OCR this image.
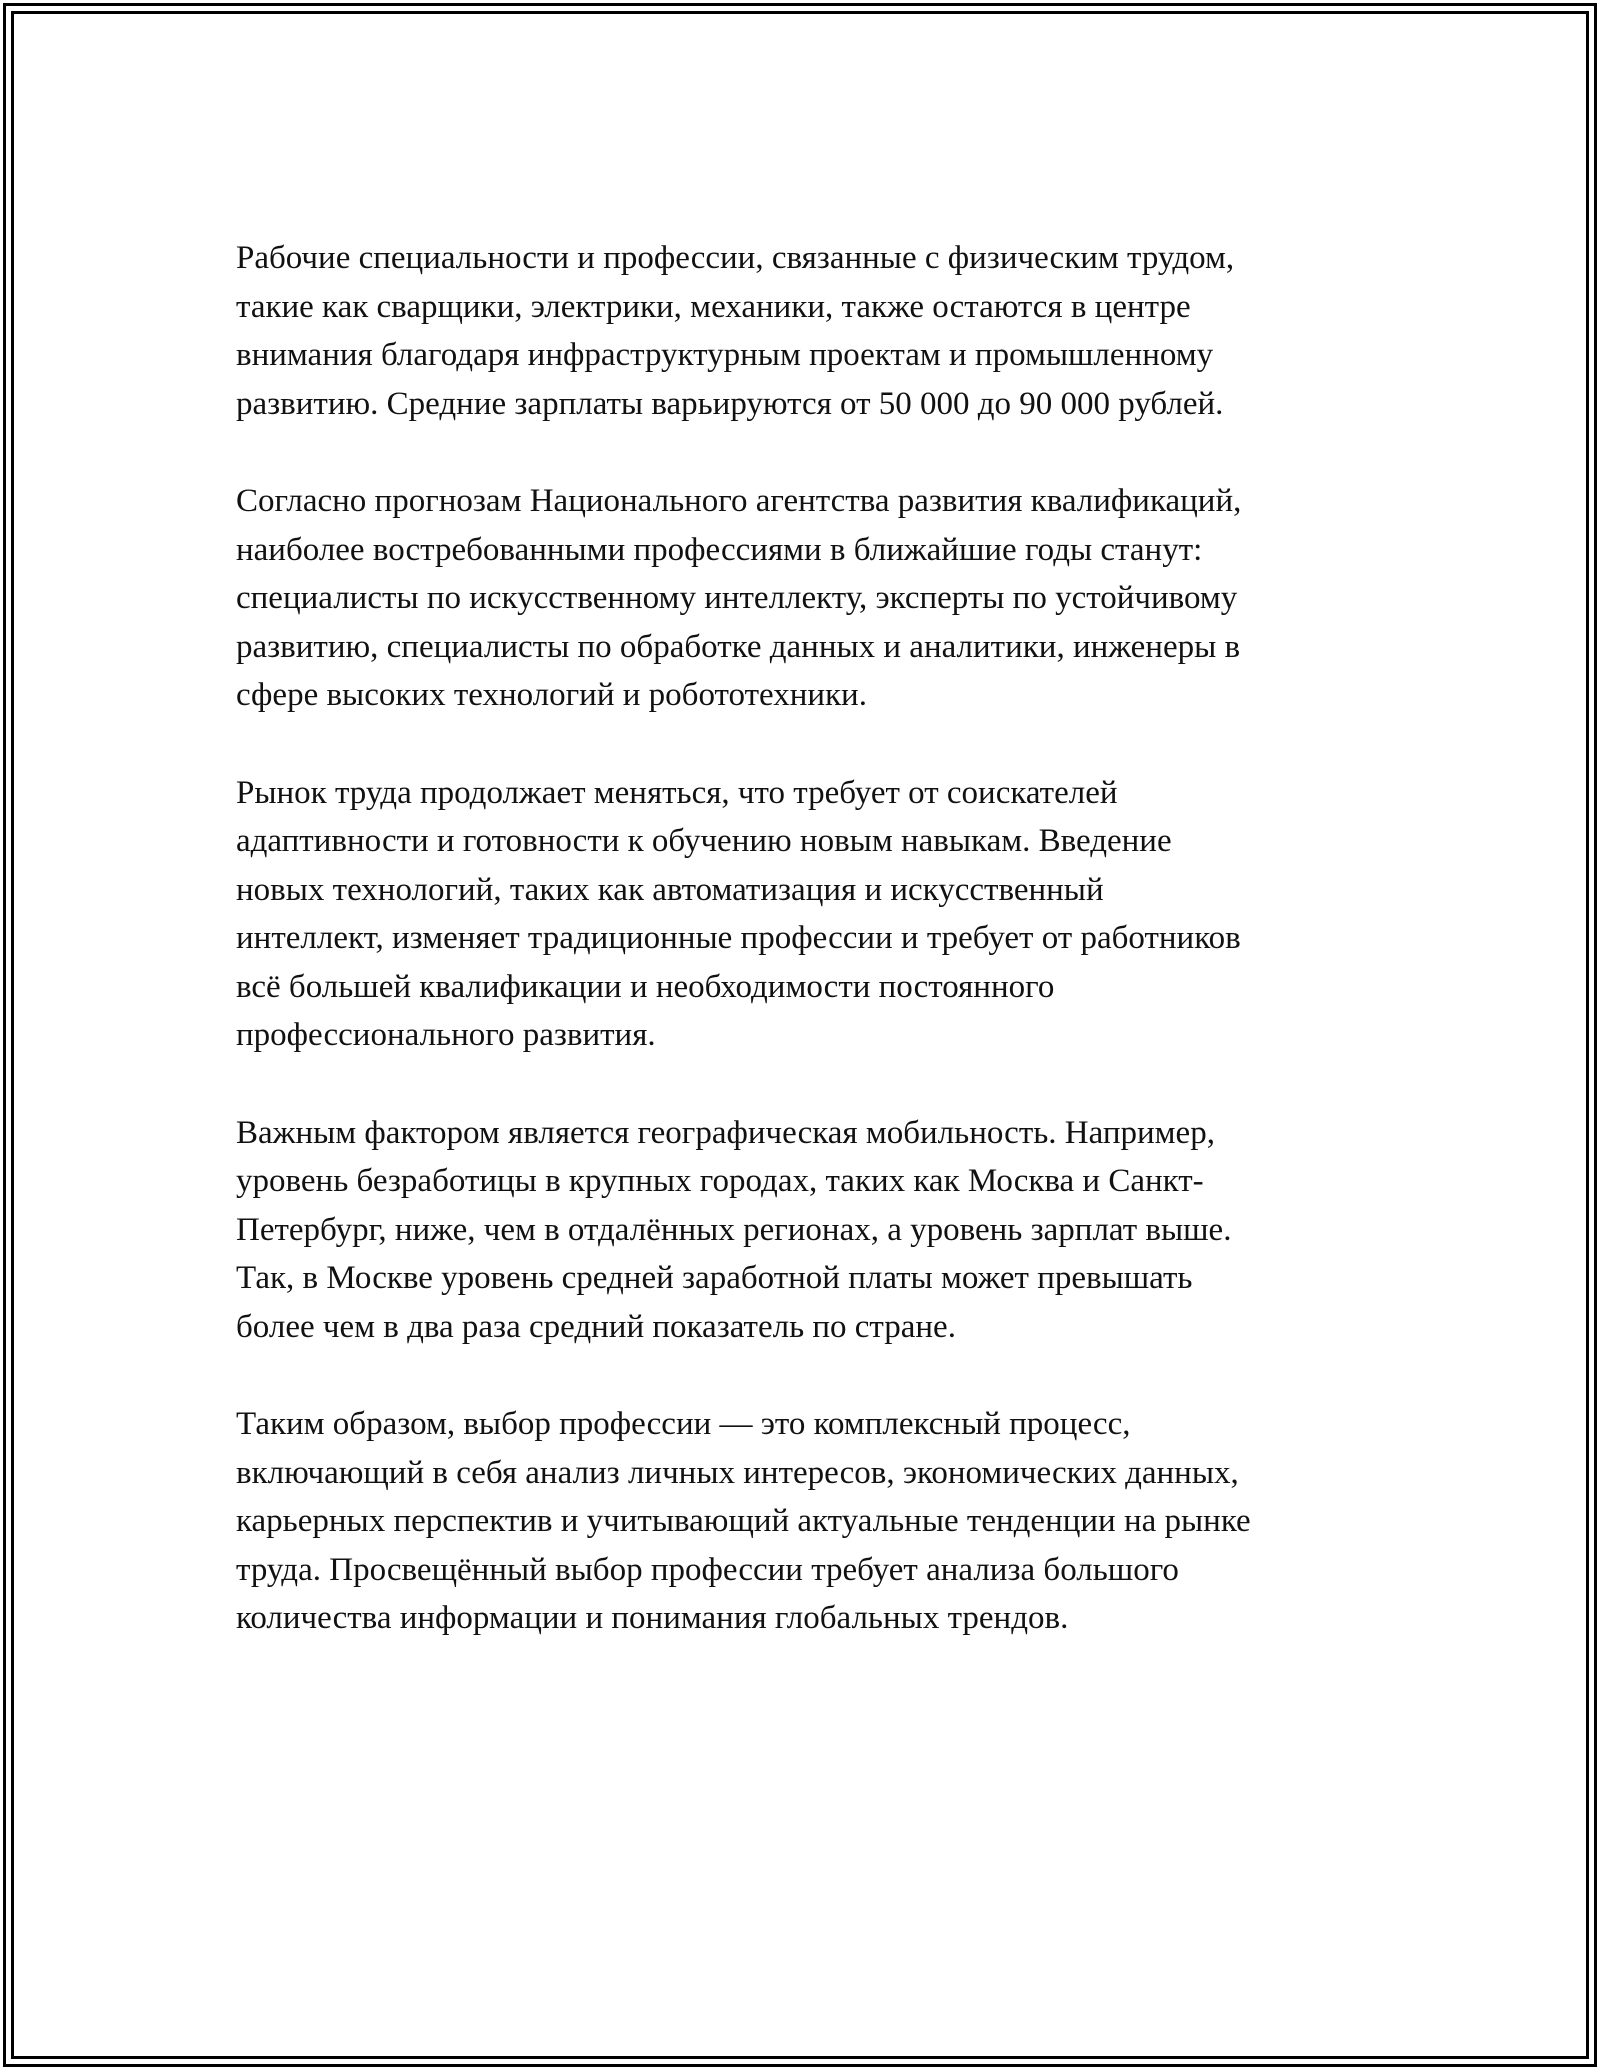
Рабочие специальности и профессии, связанные с физическим трудом,
такие как сварщики, электрики, механики, также остаются в центре
внимания благодаря инфраструктурным проектам и промышленному
развитию. Средние зарплаты варьируются от 50 000 до 90 000 рублей.

Согласно прогнозам Национального агентства развития квалификаций,
наиболее востребованными профессиями в ближайшие годы станут:
специалисты по искусственному интеллекту, эксперты по устойчивому
развитию, специалисты по обработке данных и аналитики, инженеры в
сфере высоких технологий и робототехники.

Рынок труда продолжает меняться, что требует от соискателей
адаптивности и готовности к обучению новым навыкам. Введение
новых технологий, таких как автоматизация и искусственный
интеллект, изменяет традиционные профессии и требует от работников
всё большей квалификации и необходимости постоянного
профессионального развития.

Важным фактором является географическая мобильность. Например,
уровень безработицы в крупных городах, таких как Москва и Санкт-
Петербург, ниже, чем в отдалённых регионах, а уровень зарплат выше.
Так, в Москве уровень средней заработной платы может превышать
более чем в два раза средний показатель по стране.

Таким образом, выбор профессии — это комплексный процесс,
включающий в себя анализ личных интересов, экономических данных,
карьерных перспектив и учитывающий актуальные тенденции на рынке
труда. Просвещённый выбор профессии требует анализа большого
количества информации и понимания глобальных трендов.
